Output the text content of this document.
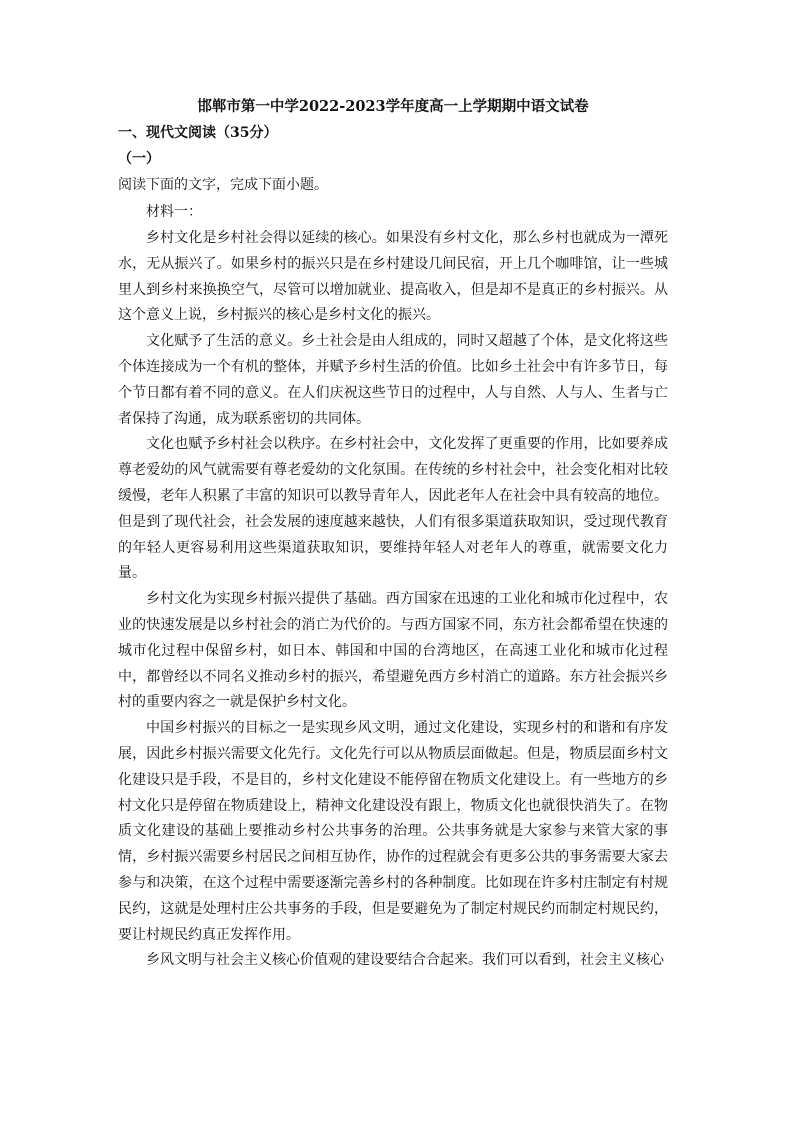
邯郸市第一中学2022-2023学年度高一上学期期中语文试卷

一、现代文阅读（35分）

（一）

阅读下面的文字，完成下面小题。

材料一：

乡村文化是乡村社会得以延续的核心。如果没有乡村文化，那么乡村也就成为一潭死水，无从振兴了。如果乡村的振兴只是在乡村建设几间民宿，开上几个咖啡馆，让一些城里人到乡村来换换空气，尽管可以增加就业、提高收入，但是却不是真正的乡村振兴。从这个意义上说，乡村振兴的核心是乡村文化的振兴。

文化赋予了生活的意义。乡土社会是由人组成的，同时又超越了个体，是文化将这些个体连接成为一个有机的整体，并赋予乡村生活的价值。比如乡土社会中有许多节日，每个节日都有着不同的意义。在人们庆祝这些节日的过程中，人与自然、人与人、生者与亡者保持了沟通，成为联系密切的共同体。

文化也赋予乡村社会以秩序。在乡村社会中，文化发挥了更重要的作用，比如要养成尊老爱幼的风气就需要有尊老爱幼的文化氛围。在传统的乡村社会中，社会变化相对比较缓慢，老年人积累了丰富的知识可以教导青年人，因此老年人在社会中具有较高的地位。但是到了现代社会，社会发展的速度越来越快，人们有很多渠道获取知识，受过现代教育的年轻人更容易利用这些渠道获取知识，要维持年轻人对老年人的尊重，就需要文化力量。

乡村文化为实现乡村振兴提供了基础。西方国家在迅速的工业化和城市化过程中，农业的快速发展是以乡村社会的消亡为代价的。与西方国家不同，东方社会都希望在快速的城市化过程中保留乡村，如日本、韩国和中国的台湾地区，在高速工业化和城市化过程中，都曾经以不同名义推动乡村的振兴，希望避免西方乡村消亡的道路。东方社会振兴乡村的重要内容之一就是保护乡村文化。

中国乡村振兴的目标之一是实现乡风文明，通过文化建设，实现乡村的和谐和有序发展，因此乡村振兴需要文化先行。文化先行可以从物质层面做起。但是，物质层面乡村文化建设只是手段，不是目的，乡村文化建设不能停留在物质文化建设上。有一些地方的乡村文化只是停留在物质建设上，精神文化建设没有跟上，物质文化也就很快消失了。在物质文化建设的基础上要推动乡村公共事务的治理。公共事务就是大家参与来管大家的事情，乡村振兴需要乡村居民之间相互协作，协作的过程就会有更多公共的事务需要大家去参与和决策，在这个过程中需要逐渐完善乡村的各种制度。比如现在许多村庄制定有村规民约，这就是处理村庄公共事务的手段，但是要避免为了制定村规民约而制定村规民约，要让村规民约真正发挥作用。

乡风文明与社会主义核心价值观的建设要结合合起来。我们可以看到，社会主义核心
